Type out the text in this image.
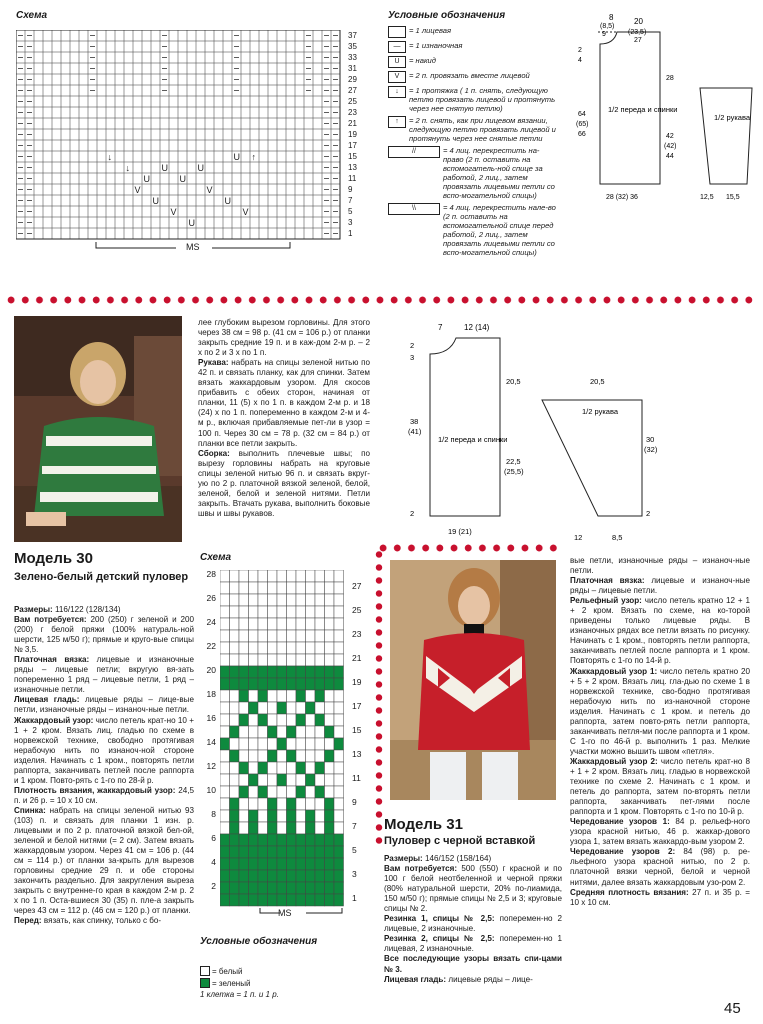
Схема
↓
↓
U
U
U
U
U ↑
V
U
V
V
U
V
U
37
35
33
31
29
27
25
23
21
19
17
15
13
11
9
7
5
3
1
MS
Условные обозначения
= 1 лицевая
—	= 1 изнаночная
U	= накид
V	= 2 п. провязать вместе лицевой
↓	= 1 протяжка ( 1 п. снять, следующую петлю провязать лицевой и протянуть через нее снятую петлю)
↑	= 2 п. снять, как при лицевом вязании, следующую петлю провязать лицевой и протянуть через нее снятые петли
//	= 4 лиц. перекрестить на-право (2 п. оставить на вспомогатель-ной спице за работой, 2 лиц., затем провязать лицевыми петли со вспо-могательной спицы)
\\	= 4 лиц. перекрестить нале-во (2 п. оставить на вспомогательной спице перед работой, 2 лиц., затем провязать лицевыми петли со вспо-могательной спицы)
8	20
(8,5)
(23,5)
9
27
2
4
28
64
(65)
66	42
(42)
44
1/2 переда и спинки
1/2 рукава
28 (32) 36	12,5 15,5
лее глубоким вырезом горловины. Для этого через 38 см = 98 р. (41 см = 106 р.) от планки закрыть средние 19 п. и в каж-дом 2-м р. – 2 х по 2 и 3 х по 1 п.
Рукава: набрать на спицы зеленой нитью по 42 п. и связать планку, как для спинки. Затем вязать жаккардовым узором. Для скосов прибавить с обеих сторон, начиная от планки, 11 (5) х по 1 п. в каждом 2-м р. и 18 (24) х по 1 п. попеременно в каждом 2-м и 4-м р., включая прибавляемые пет-ли в узор = 100 п. Через 30 см = 78 р. (32 см = 84 р.) от планки все петли закрыть.
Сборка: выполнить плечевые швы; по вырезу горловины набрать на круговые спицы зеленой нитью 96 п. и связать вкруг-ую по 2 р. платочной вязкой зеленой, белой, зеленой, белой и зеленой нитями. Петли закрыть. Втачать рукава, выполнить боковые швы и швы рукавов.
7	12 (14)
2
3
20,5
38
(41)
22,5
(25,5)
2
19 (21)
1/2 переда и спинки
20,5
1/2 рукава
30
(32)
2
12	8,5
Модель 30
Зелено-белый детский пуловер
Размеры: 116/122 (128/134)
Вам потребуется: 200 (250) г зеленой и 200 (200) г белой пряжи (100% натураль-ной шерсти, 125 м/50 г); прямые и круго-вые спицы № 3,5.
Платочная вязка: лицевые и изнаночные ряды – лицевые петли; вкругую вя-зать попеременно 1 ряд – лицевые петли, 1 ряд – изнаночные петли.
Лицевая гладь: лицевые ряды – лице-вые петли, изнаночные ряды – изнаноч-ные петли.
Жаккардовый узор: число петель крат-но 10 + 1 + 2 кром. Вязать лиц. гладью по схеме в норвежской технике, свободно протягивая нерабочую нить по изнаноч-ной стороне изделия. Начинать с 1 кром., повторять петли раппорта, заканчивать петлей после раппорта и 1 кром. Повто-рять с 1-го по 28-й р.
Плотность вязания, жаккардовый узор: 24,5 п. и 26 р. = 10 х 10 см.
Спинка: набрать на спицы зеленой нитью 93 (103) п. и связать для планки 1 изн. р. лицевыми и по 2 р. платочной вязкой бел-ой, зеленой и белой нитями (= 2 см). Затем вязать жаккардовым узором. Через 41 см = 106 р. (44 см = 114 р.) от планки за-крыть для вырезов горловины средние 29 п. и обе стороны закончить раздельно. Для закругления выреза закрыть с внутренне-го края в каждом 2-м р. 2 х по 1 п. Оста-вшиеся 30 (35) п. пле-а закрыть через 43 см = 112 р. (46 см = 120 р.) от планки.
Перед: вязать, как спинку, только с бо-
Схема
28
26
24
22
20
18
16
14
12
10
8
6
4
2
27
25
23
21
19
17
15
13
11
9
7
5
3
1
MS
Условные обозначения
= белый
= зеленый
1 клетка = 1 п. и 1 р.
Модель 31
Пуловер с черной вставкой
Размеры: 146/152 (158/164)
Вам потребуется: 500 (550) г красной и по 100 г белой неотбеленной и черной пряжи (80% натуральной шерсти, 20% по-лиамида, 150 м/50 г); прямые спицы № 2,5 и 3; круговые спицы № 2.
Резинка 1, спицы № 2,5: поперемен-но 2 лицевые, 2 изнаночные.
Резинка 2, спицы № 2,5: поперемен-но 1 лицевая, 2 изнаночные.
Все последующие узоры вязать спи-цами № 3.
Лицевая гладь: лицевые ряды – лице-
вые петли, изнаночные ряды – изнаноч-ные петли.
Платочная вязка: лицевые и изнаноч-ные ряды – лицевые петли.
Рельефный узор: число петель кратно 12 + 1 + 2 кром. Вязать по схеме, на ко-торой приведены только лицевые ряды. В изнаночных рядах все петли вязать по рисунку. Начинать с 1 кром., повторять петли раппорта, заканчивать петлей после раппорта и 1 кром. Повторять с 1-го по 14-й р.
Жаккардовый узор 1: число петель кратно 20 + 5 + 2 кром. Вязать лиц. гла-дью по схеме 1 в норвежской технике, сво-бодно протягивая нерабочую нить по из-наночной стороне изделия. Начинать с 1 кром. и петель до раппорта, затем повто-рять петли раппорта, заканчивать петля-ми после раппорта и 1 кром. С 1-го по 46-й р. выполнить 1 раз. Мелкие участки можно вышить швом «петля».
Жаккардовый узор 2: число петель крат-но 8 + 1 + 2 кром. Вязать лиц. гладью в норвежской технике по схеме 2. Начинать с 1 кром. и петель до раппорта, затем по-вторять петли раппорта, заканчивать пет-лями после раппорта и 1 кром. Повторять с 1-го по 10-й р.
Чередование узоров 1: 84 р. рельеф-ного узора красной нитью, 46 р. жаккар-дового узора 1, затем вязать жаккардо-вым узором 2.
Чередование узоров 2: 84 (98) р. ре-льефного узора красной нитью, по 2 р. платочной вязки черной, белой и черной нитями, далее вязать жаккардовым узо-ром 2.
Средняя плотность вязания: 27 п. и 35 р. = 10 х 10 см.
45
